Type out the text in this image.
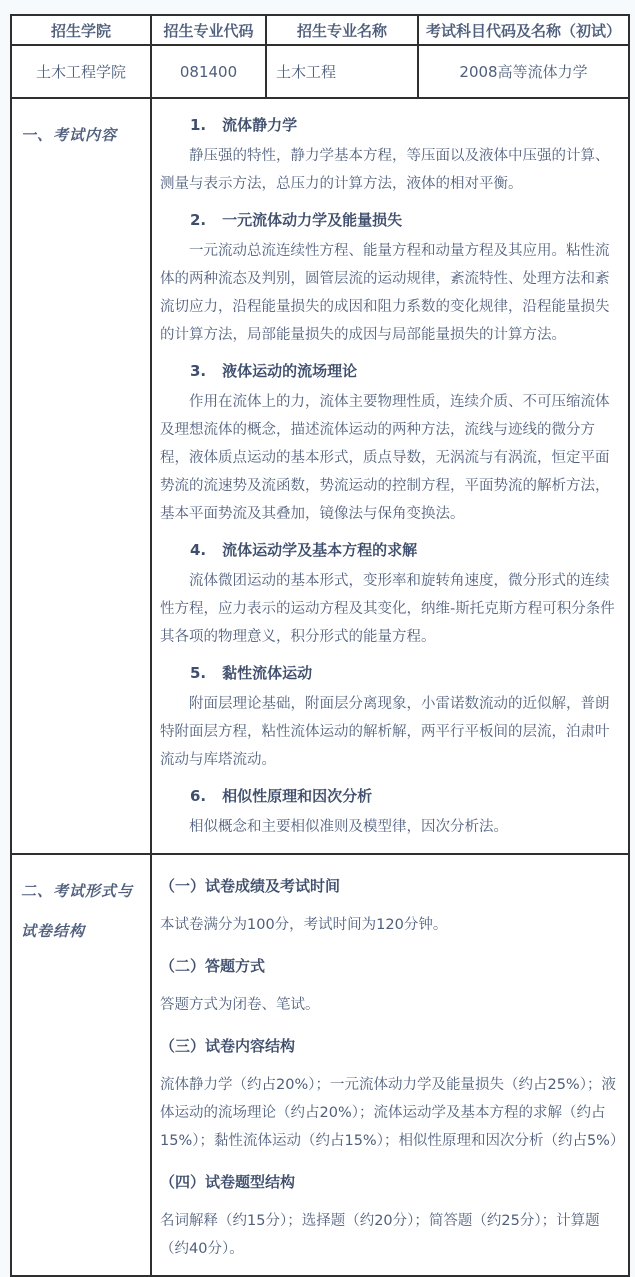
招生学院	招生专业代码	招生专业名称	考试科目代码及名称（初试）
土木工程学院	081400	土木工程	2008高等流体力学
一、考试内容	
1. 流体静力学

静压强的特性，静力学基本方程，等压面以及液体中压强的计算、测量与表示方法，总压力的计算方法，液体的相对平衡。

2. 一元流体动力学及能量损失

一元流动总流连续性方程、能量方程和动量方程及其应用。粘性流体的两种流态及判别，圆管层流的运动规律，紊流特性、处理方法和紊流切应力，沿程能量损失的成因和阻力系数的变化规律，沿程能量损失的计算方法，局部能量损失的成因与局部能量损失的计算方法。

3. 液体运动的流场理论

作用在流体上的力，流体主要物理性质，连续介质、不可压缩流体及理想流体的概念，描述流体运动的两种方法，流线与迹线的微分方程，液体质点运动的基本形式，质点导数，无涡流与有涡流，恒定平面势流的流速势及流函数，势流运动的控制方程，平面势流的解析方法，基本平面势流及其叠加，镜像法与保角变换法。

4. 流体运动学及基本方程的求解

流体微团运动的基本形式，变形率和旋转角速度，微分形式的连续性方程，应力表示的运动方程及其变化，纳维-斯托克斯方程可积分条件其各项的物理意义，积分形式的能量方程。

5. 黏性流体运动

附面层理论基础，附面层分离现象，小雷诺数流动的近似解，普朗特附面层方程，粘性流体运动的解析解，两平行平板间的层流，泊肃叶流动与库塔流动。

6. 相似性原理和因次分析

相似概念和主要相似准则及模型律，因次分析法。

二、考试形式与试卷结构	

（一）试卷成绩及考试时间

本试卷满分为100分，考试时间为120分钟。

（二）答题方式

答题方式为闭卷、笔试。

（三）试卷内容结构

流体静力学（约占20%）；一元流体动力学及能量损失（约占25%）；液体运动的流场理论（约占20%）；流体运动学及基本方程的求解（约占15%）；黏性流体运动（约占15%）；相似性原理和因次分析（约占5%）

（四）试卷题型结构

名词解释（约15分）；选择题（约20分）；简答题（约25分）；计算题（约40分）。
